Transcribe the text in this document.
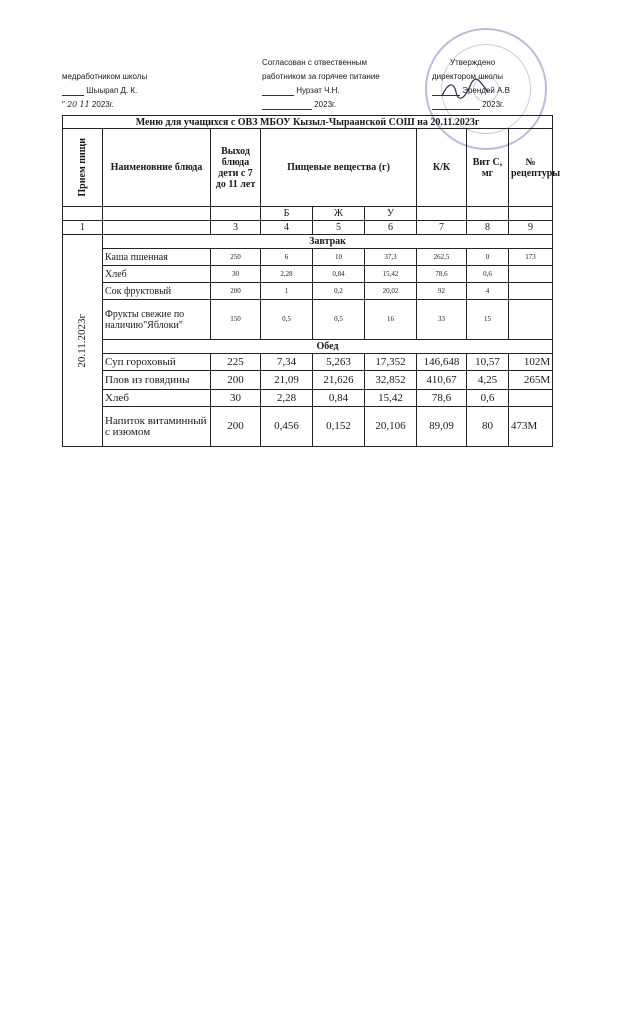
медработником школы
Шыырап Д. К.
" 20 11 2023г.
Согласован с отвественным
работником за горячее питание
Нурзат Ч.Н.
2023г.
Утверждено
директором школы
Эрендей А.В
2023г.
Меню для учащихся с ОВЗ МБОУ Кызыл-Чыраанской СОШ на 20.11.2023г								

Прием пищи	Наименовние блюда	Выход блюда дети с 7 до 11 лет	Пищевые вещества (г)			К/К	Вит С, мг	№ рецептуры
			Б	Ж	У			
1		3	4	5	6	7	8	9

20.11.2023г	Завтрак							
	Каша пшенная	250	6	10	37,3	262,5	0	173
	Хлеб	30	2,28	0,84	15,42	78,6	0,6	
	Сок фруктовый	200	1	0,2	20,02	92	4	
	Фрукты свежие по наличию"Яблоки"	150	0,5	0,5	16	33	15	
	Обед							
	Суп гороховый	225	7,34	5,263	17,352	146,648	10,57	102М
	Плов из говядины	200	21,09	21,626	32,852	410,67	4,25	265М
	Хлеб	30	2,28	0,84	15,42	78,6	0,6	
	Напиток витаминный с изюмом	200	0,456	0,152	20,106	89,09	80	473М
